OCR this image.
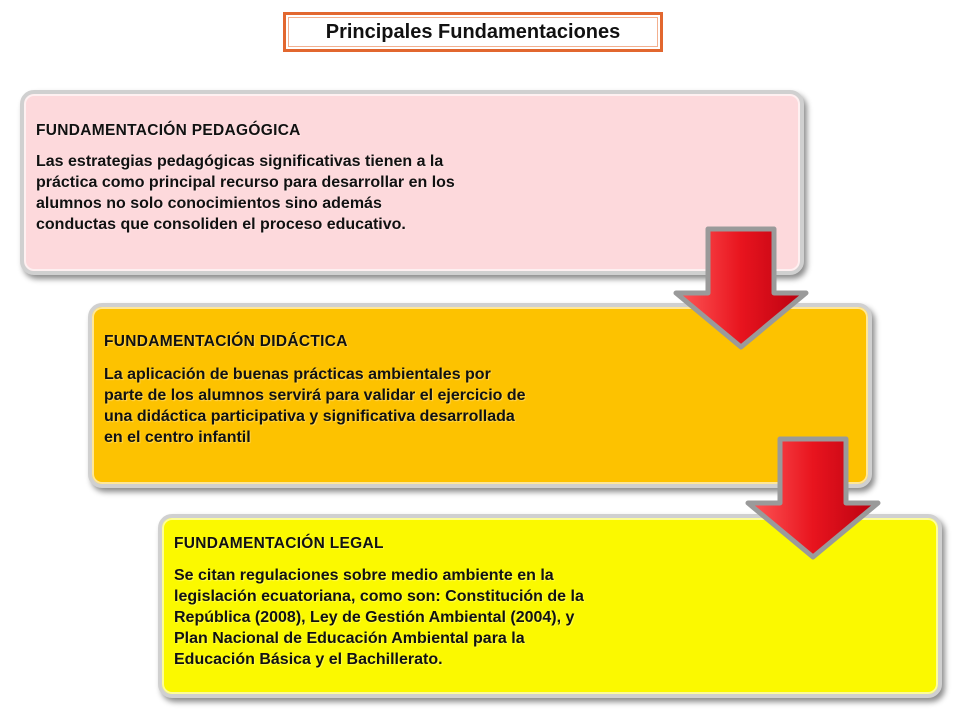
Principales Fundamentaciones
FUNDAMENTACIÓN PEDAGÓGICA
Las estrategias pedagógicas significativas tienen a la
práctica como principal recurso para desarrollar en los
alumnos no solo conocimientos sino además
conductas que consoliden el proceso educativo.
FUNDAMENTACIÓN DIDÁCTICA
La aplicación de buenas prácticas ambientales por
parte de los alumnos servirá para validar el ejercicio de
una didáctica participativa y significativa desarrollada
en el centro infantil
FUNDAMENTACIÓN LEGAL
Se citan regulaciones sobre medio ambiente en la
legislación ecuatoriana, como son: Constitución de la
República (2008), Ley de Gestión Ambiental (2004), y
Plan Nacional de Educación Ambiental para la
Educación Básica y el Bachillerato.
